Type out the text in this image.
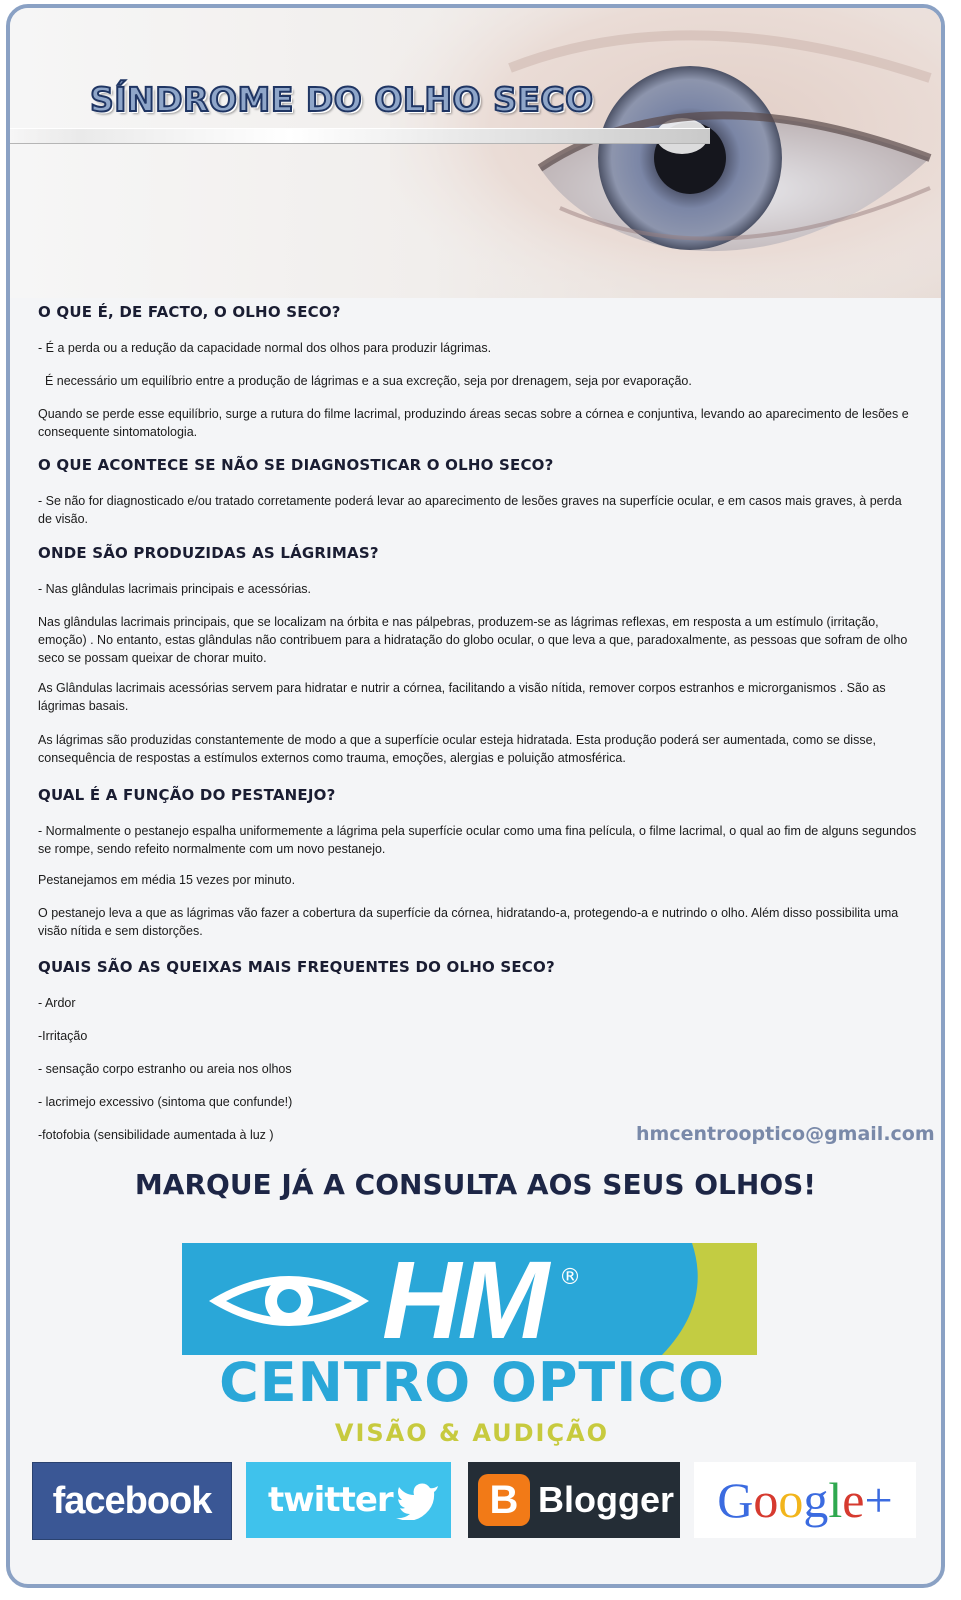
SÍNDROME DO OLHO SECO
O QUE É, DE FACTO, O OLHO SECO?

- É a perda ou a redução da capacidade normal dos olhos para produzir lágrimas.

É necessário um equilíbrio entre a produção de lágrimas e a sua excreção, seja por drenagem, seja por evaporação.

Quando se perde esse equilíbrio, surge a rutura do filme lacrimal, produzindo áreas secas sobre a córnea e conjuntiva, levando ao aparecimento de lesões e consequente sintomatologia.

O QUE ACONTECE SE NÃO SE DIAGNOSTICAR O OLHO SECO?

- Se não for diagnosticado e/ou tratado corretamente poderá levar ao aparecimento de lesões graves na superfície ocular, e em casos mais graves, à perda de visão.

ONDE SÃO PRODUZIDAS AS LÁGRIMAS?

- Nas glândulas lacrimais principais e acessórias.

Nas glândulas lacrimais principais, que se localizam na órbita e nas pálpebras, produzem-se as lágrimas reflexas, em resposta a um estímulo (irritação, emoção) . No entanto, estas glândulas não contribuem para a hidratação do globo ocular, o que leva a que, paradoxalmente, as pessoas que sofram de olho seco se possam queixar de chorar muito.

As Glândulas lacrimais acessórias servem para hidratar e nutrir a córnea, facilitando a visão nítida, remover corpos estranhos e microrganismos . São as lágrimas basais.

As lágrimas são produzidas constantemente de modo a que a superfície ocular esteja hidratada. Esta produção poderá ser aumentada, como se disse, consequência de respostas a estímulos externos como trauma, emoções, alergias e poluição atmosférica.

QUAL É A FUNÇÃO DO PESTANEJO?

- Normalmente o pestanejo espalha uniformemente a lágrima pela superfície ocular como uma fina película, o filme lacrimal, o qual ao fim de alguns segundos se rompe, sendo refeito normalmente com um novo pestanejo.

Pestanejamos em média 15 vezes por minuto.

O pestanejo leva a que as lágrimas vão fazer a cobertura da superfície da córnea, hidratando-a, protegendo-a e nutrindo o olho. Além disso possibilita uma visão nítida e sem distorções.

QUAIS SÃO AS QUEIXAS MAIS FREQUENTES DO OLHO SECO?

- Ardor

-Irritação

- sensação corpo estranho ou areia nos olhos

- lacrimejo excessivo (sintoma que confunde!)

-fotofobia (sensibilidade aumentada à luz )	hmcentrooptico@gmail.com
MARQUE JÁ A CONSULTA AOS SEUS OLHOS!
HM ®
CENTRO OPTICO
VISÃO & AUDIÇÃO
facebook	twitter B Blogger Google+
